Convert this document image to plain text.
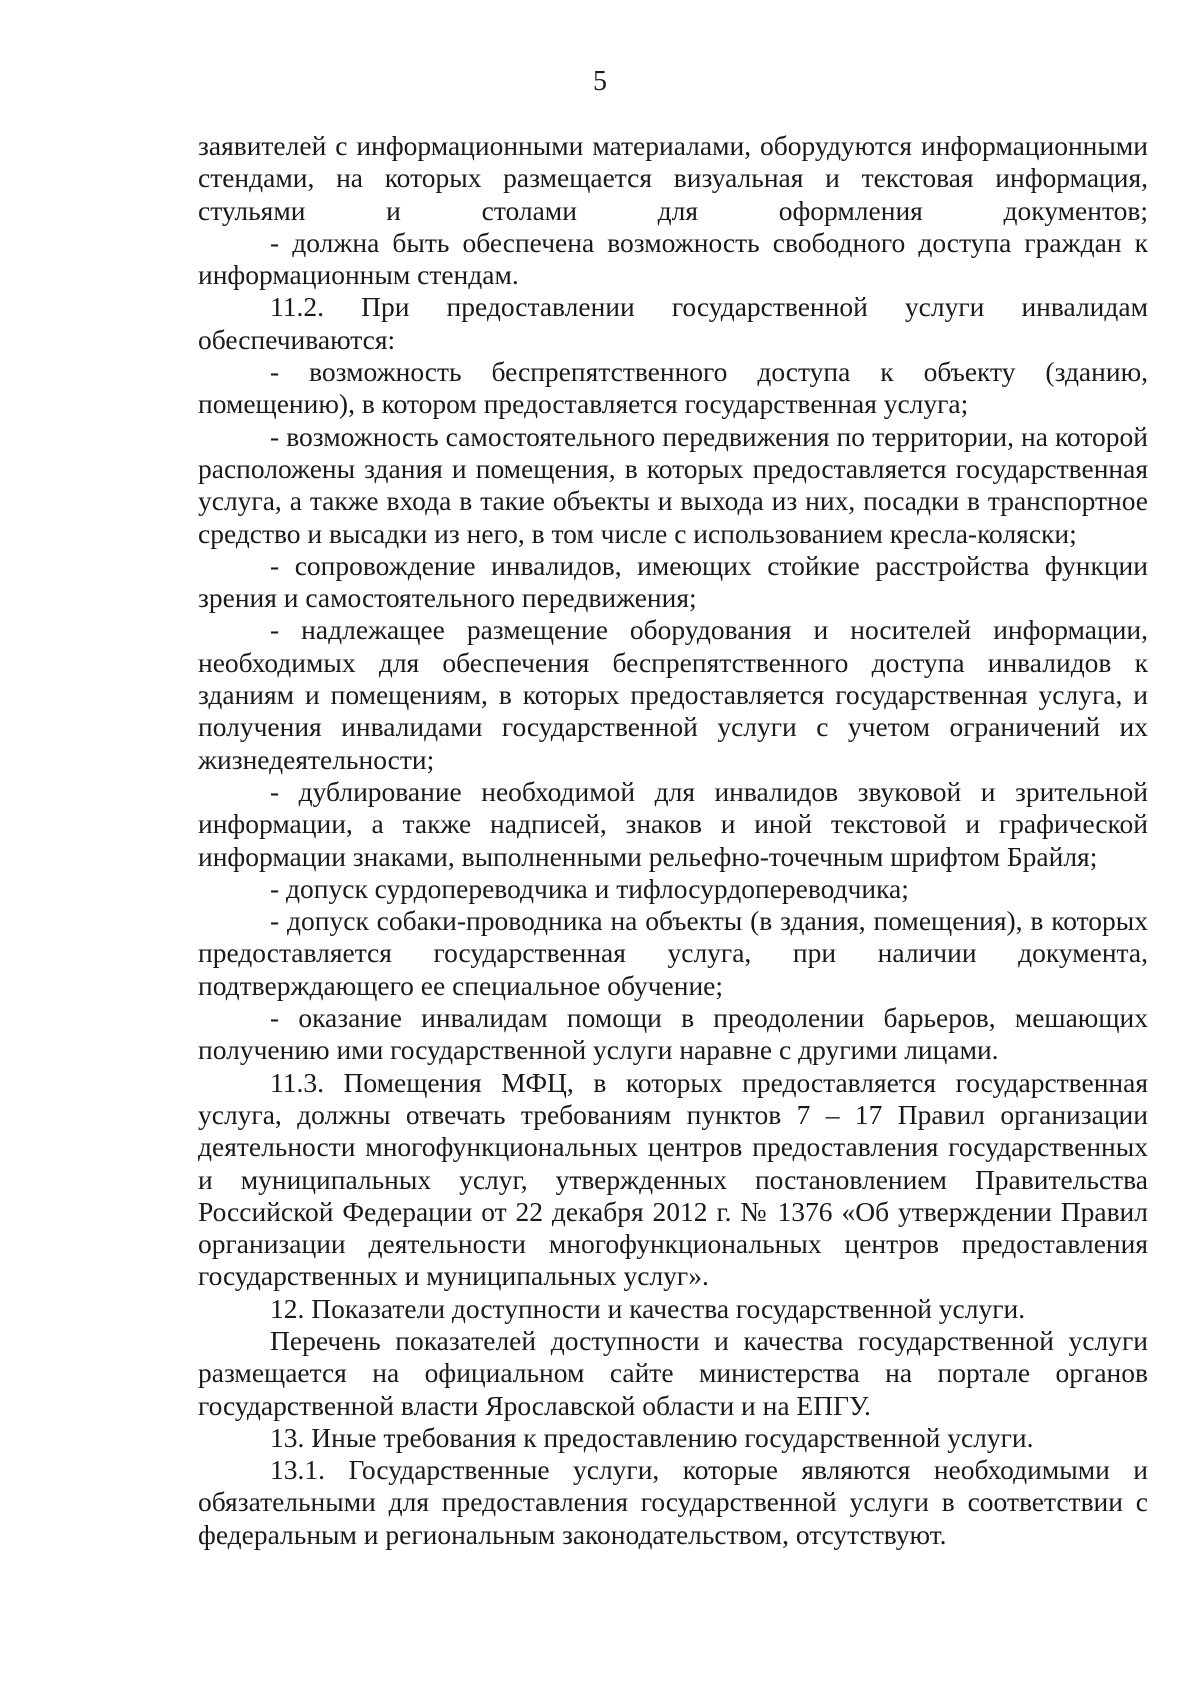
5

заявителей с информационными материалами, оборудуются информационными стендами, на которых размещается визуальная и текстовая информация, стульями и столами для оформления документов;

- должна быть обеспечена возможность свободного доступа граждан к информационным стендам.

11.2. При предоставлении государственной услуги инвалидам обеспечиваются:

- возможность беспрепятственного доступа к объекту (зданию, помещению), в котором предоставляется государственная услуга;

- возможность самостоятельного передвижения по территории, на которой расположены здания и помещения, в которых предоставляется государственная услуга, а также входа в такие объекты и выхода из них, посадки в транспортное средство и высадки из него, в том числе с использованием кресла-коляски;

- сопровождение инвалидов, имеющих стойкие расстройства функции зрения и самостоятельного передвижения;

- надлежащее размещение оборудования и носителей информации, необходимых для обеспечения беспрепятственного доступа инвалидов к зданиям и помещениям, в которых предоставляется государственная услуга, и получения инвалидами государственной услуги с учетом ограничений их жизнедеятельности;

- дублирование необходимой для инвалидов звуковой и зрительной информации, а также надписей, знаков и иной текстовой и графической информации знаками, выполненными рельефно-точечным шрифтом Брайля;

- допуск сурдопереводчика и тифлосурдопереводчика;

- допуск собаки-проводника на объекты (в здания, помещения), в которых предоставляется государственная услуга, при наличии документа, подтверждающего ее специальное обучение;

- оказание инвалидам помощи в преодолении барьеров, мешающих получению ими государственной услуги наравне с другими лицами.

11.3. Помещения МФЦ, в которых предоставляется государственная услуга, должны отвечать требованиям пунктов 7 – 17 Правил организации деятельности многофункциональных центров предоставления государственных и муниципальных услуг, утвержденных постановлением Правительства Российской Федерации от 22 декабря 2012 г. № 1376 «Об утверждении Правил организации деятельности многофункциональных центров предоставления государственных и муниципальных услуг».

12. Показатели доступности и качества государственной услуги.

Перечень показателей доступности и качества государственной услуги размещается на официальном сайте министерства на портале органов государственной власти Ярославской области и на ЕПГУ.

13. Иные требования к предоставлению государственной услуги.

13.1. Государственные услуги, которые являются необходимыми и обязательными для предоставления государственной услуги в соответствии с федеральным и региональным законодательством, отсутствуют.
